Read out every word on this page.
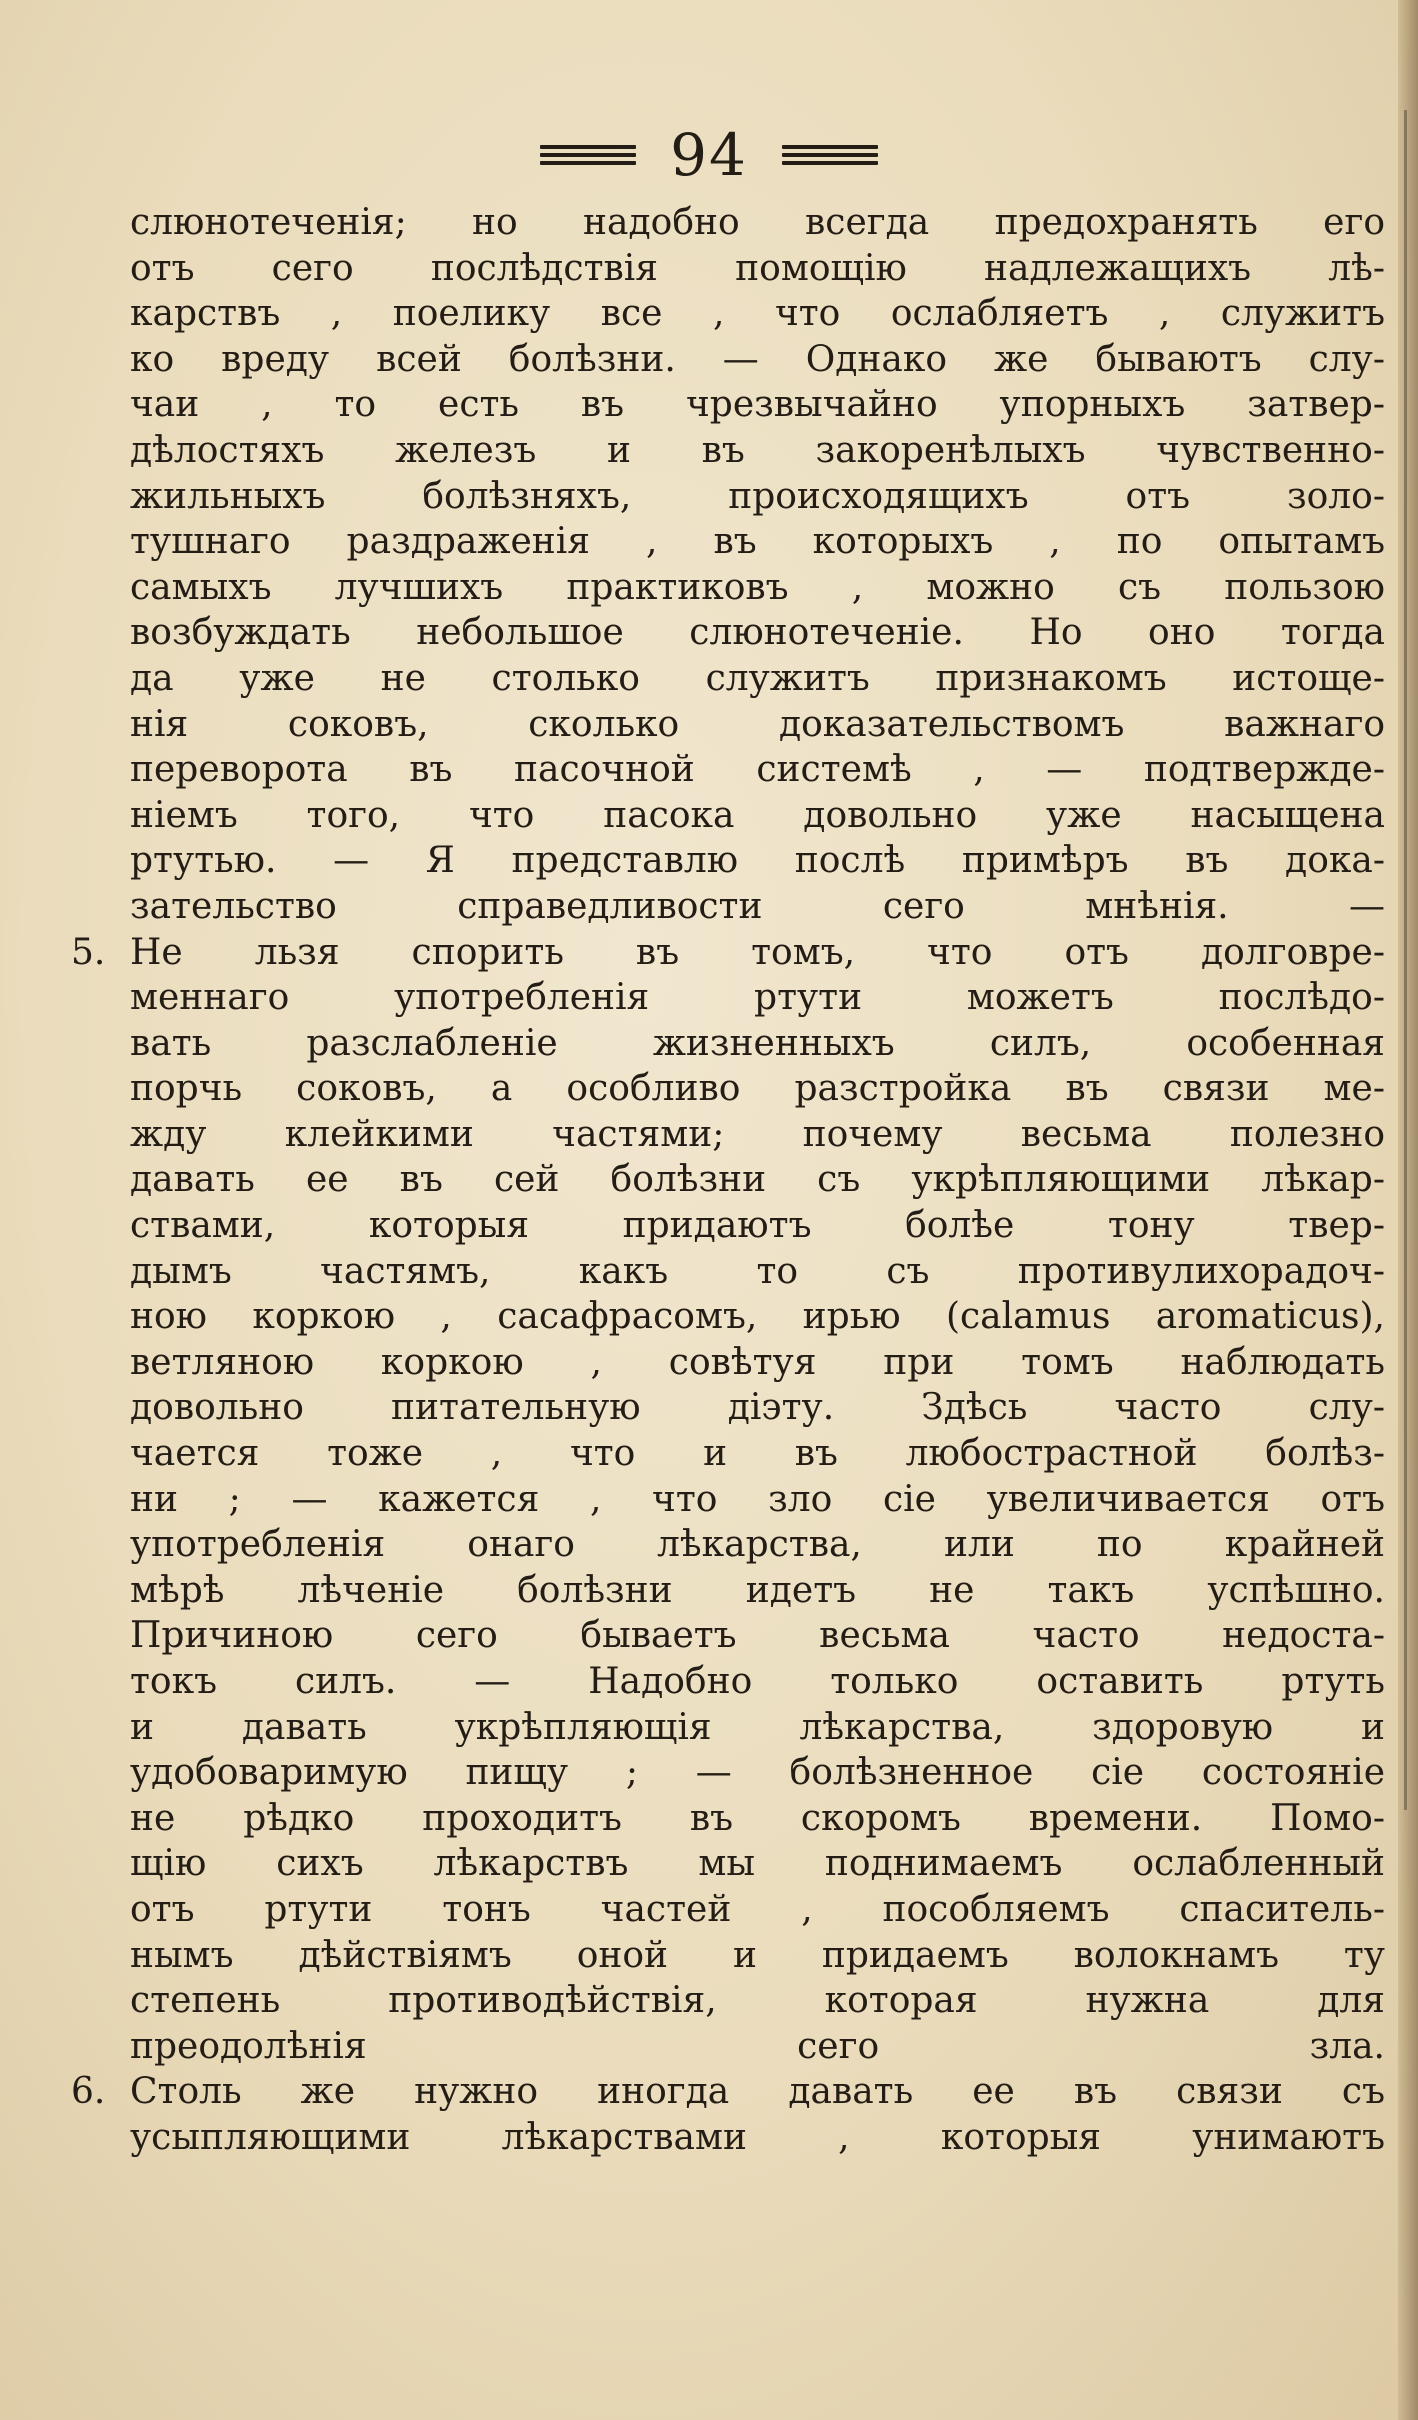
94
слюнотеченія; но надобно всегда предохранять его
отъ сего послѣдствія помощію надлежащихъ лѣ-
карствъ , поелику все , что ослабляетъ , служитъ
ко вреду всей болѣзни. — Однако же бываютъ слу-
чаи , то есть въ чрезвычайно упорныхъ затвер-
дѣлостяхъ железъ и въ закоренѣлыхъ чувственно-
жильныхъ болѣзняхъ, происходящихъ отъ золо-
тушнаго раздраженія , въ которыхъ , по опытамъ
самыхъ лучшихъ практиковъ , можно съ пользою
возбуждать небольшое слюнотеченіе. Но оно тогда
да уже не столько служитъ признакомъ истоще-
нія соковъ, сколько доказательствомъ важнаго
переворота въ пасочной системѣ , — подтвержде-
ніемъ того, что пасока довольно уже насыщена
ртутью. — Я представлю послѣ примѣръ въ дока-
зательство справедливости сего мнѣнія. —
5. Не льзя спорить въ томъ, что отъ долговре-
меннаго употребленія ртути можетъ послѣдо-
вать разслабленіе жизненныхъ силъ, особенная
порчь соковъ, а особливо разстройка въ связи ме-
жду клейкими частями; почему весьма полезно
давать ее въ сей болѣзни съ укрѣпляющими лѣкар-
ствами, которыя придаютъ болѣе тону твер-
дымъ частямъ, какъ то съ противулихорадоч-
ною коркою , сасафрасомъ, ирью (calamus aromaticus),
ветляною коркою , совѣтуя при томъ наблюдать
довольно питательную діэту. Здѣсь часто слу-
чается тоже , что и въ любострастной болѣз-
ни ; — кажется , что зло сіе увеличивается отъ
употребленія онаго лѣкарства, или по крайней
мѣрѣ лѣченіе болѣзни идетъ не такъ успѣшно.
Причиною сего бываетъ весьма часто недоста-
токъ силъ. — Надобно только оставить ртуть
и давать укрѣпляющія лѣкарства, здоровую и
удобоваримую пищу ; — болѣзненное сіе состояніе
не рѣдко проходитъ въ скоромъ времени. Помо-
щію сихъ лѣкарствъ мы поднимаемъ ослабленный
отъ ртути тонъ частей , пособляемъ спаситель-
нымъ дѣйствіямъ оной и придаемъ волокнамъ ту
степень противодѣйствія, которая нужна для
преодолѣнія сего зла.
6. Столь же нужно иногда давать ее въ связи съ
усыпляющими лѣкарствами , которыя унимаютъ
